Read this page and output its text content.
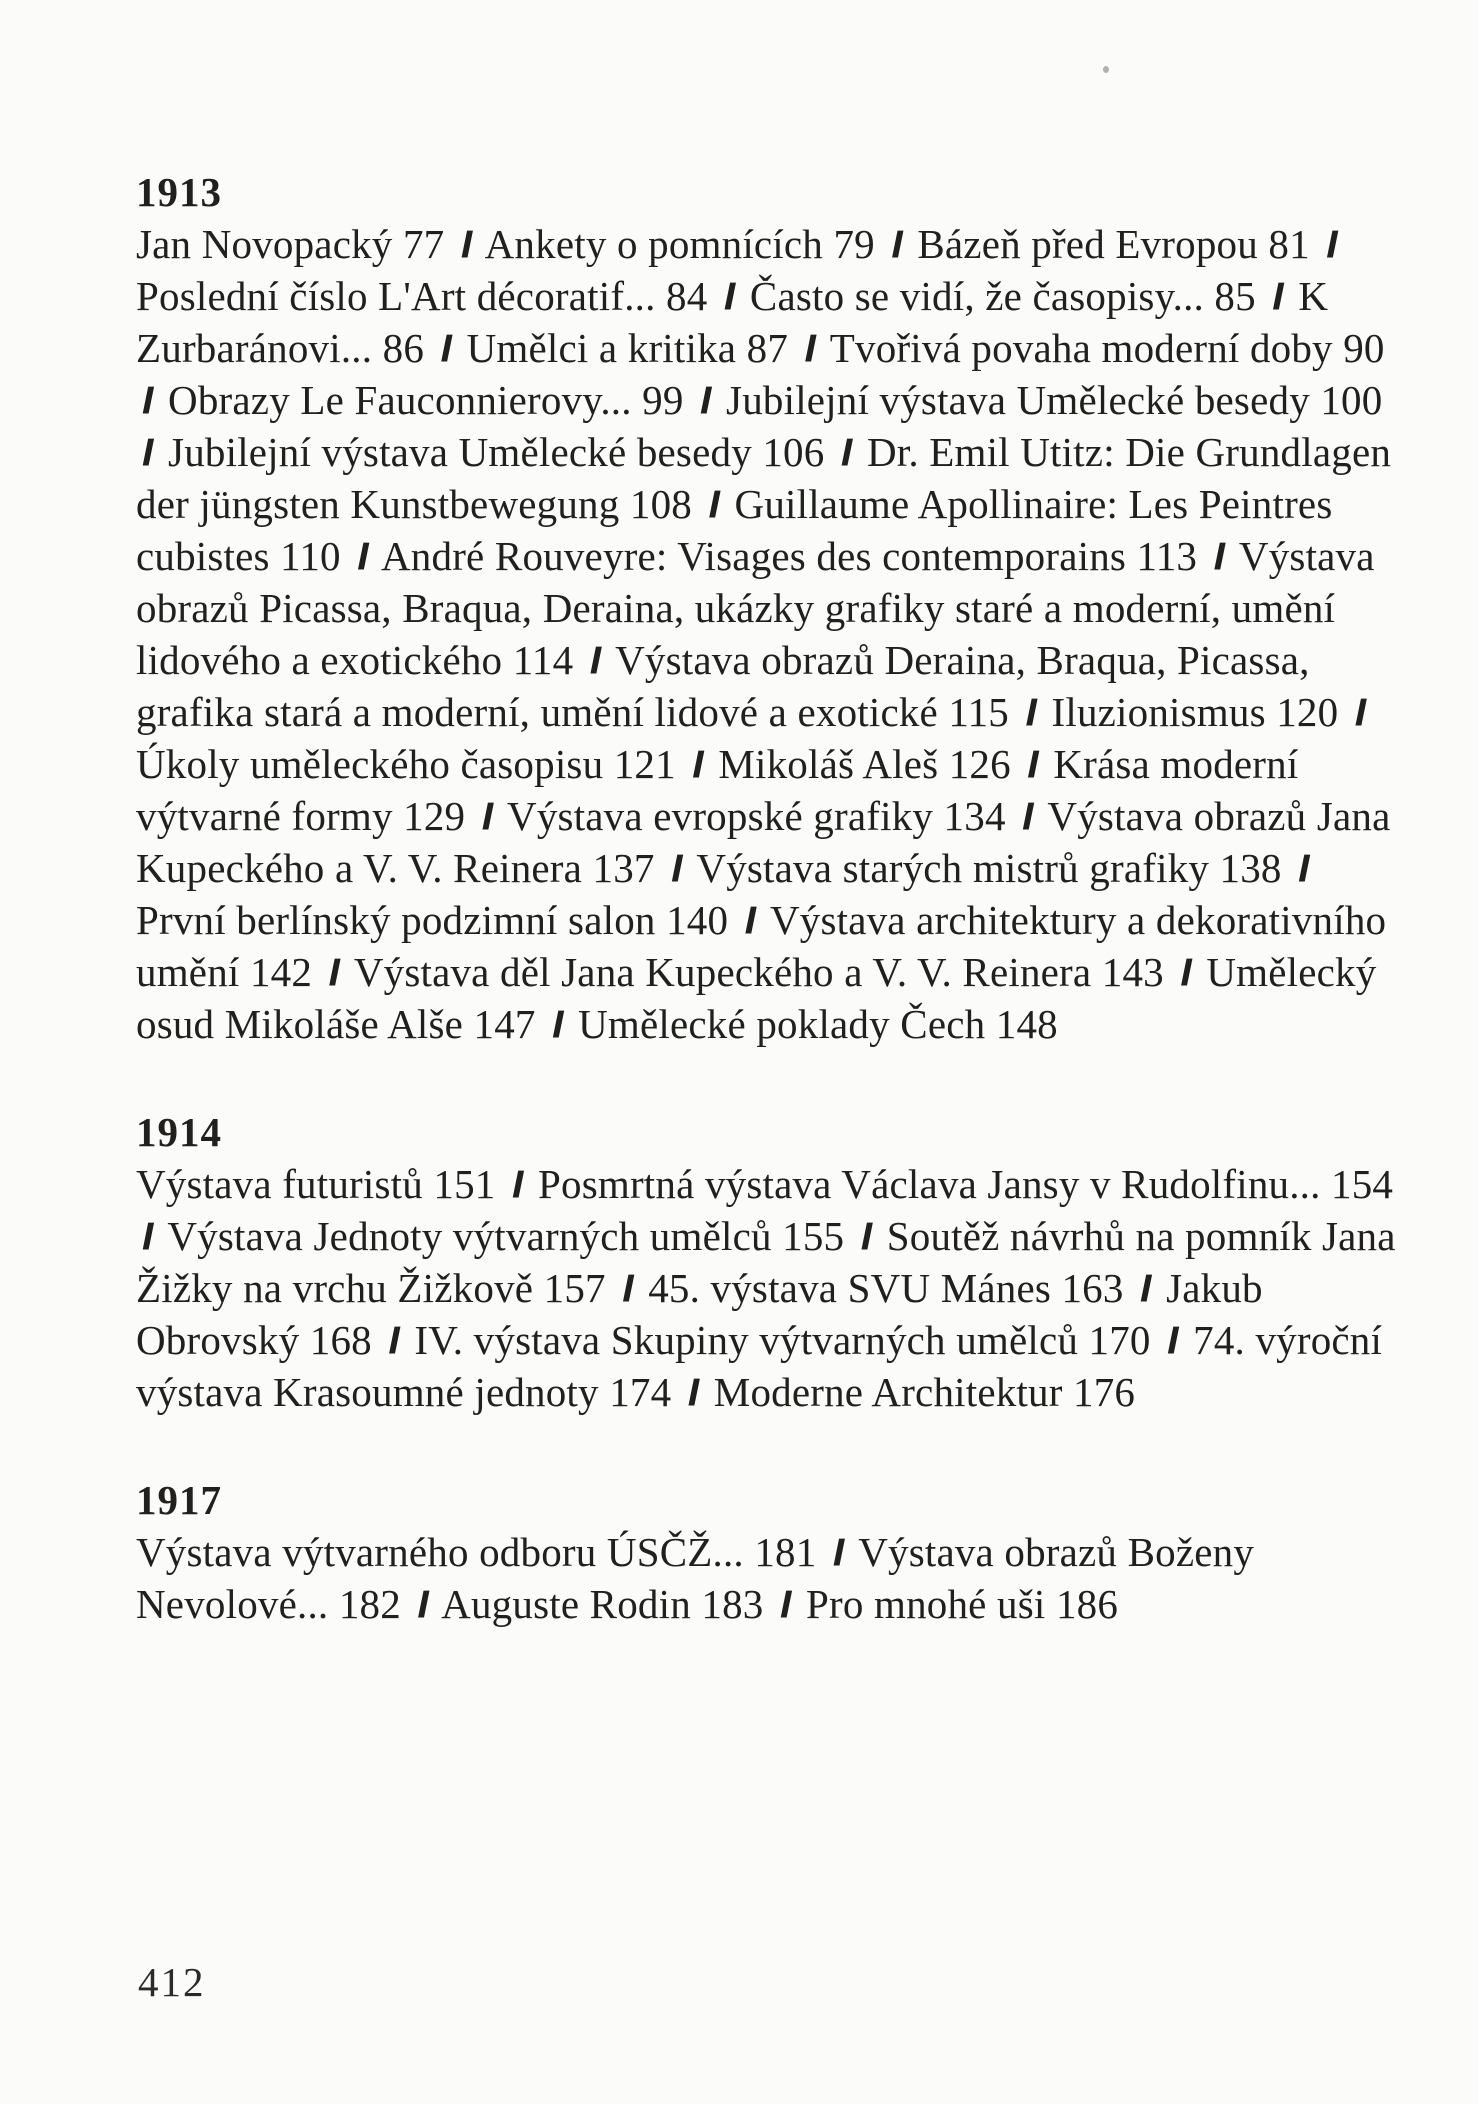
1913

Jan Novopacký 77 I Ankety o pomnících 79 I Bázeň před Evropou 81 I Poslední číslo L'Art décoratif... 84 I Často se vidí, že časopisy... 85 I K Zurbaránovi... 86 I Umělci a kritika 87 I Tvořivá povaha moderní doby 90 I Obrazy Le Fauconnierovy... 99 I Jubilejní výstava Umělecké besedy 100 I Jubilejní výstava Umělecké besedy 106 I Dr. Emil Utitz: Die Grundlagen der jüngsten Kunstbewegung 108 I Guillaume Apollinaire: Les Peintres cubistes 110 I André Rouveyre: Visages des contemporains 113 I Výstava obrazů Picassa, Braqua, Deraina, ukázky grafiky staré a moderní, umění lidového a exotického 114 I Výstava obrazů Deraina, Braqua, Picassa, grafika stará a moderní, umění lidové a exotické 115 I Iluzionismus 120 I Úkoly uměleckého časopisu 121 I Mikoláš Aleš 126 I Krása moderní výtvarné formy 129 I Výstava evropské grafiky 134 I Výstava obrazů Jana Kupeckého a V. V. Reinera 137 I Výstava starých mistrů grafiky 138 I První berlínský podzimní salon 140 I Výstava architektury a dekorativního umění 142 I Výstava děl Jana Kupeckého a V. V. Reinera 143 I Umělecký osud Mikoláše Alše 147 I Umělecké poklady Čech 148

1914

Výstava futuristů 151 I Posmrtná výstava Václava Jansy v Rudolfinu... 154 I Výstava Jednoty výtvarných umělců 155 I Soutěž návrhů na pomník Jana Žižky na vrchu Žižkově 157 I 45. výstava SVU Mánes 163 I Jakub Obrovský 168 I IV. výstava Skupiny výtvarných umělců 170 I 74. výroční výstava Krasoumné jednoty 174 I Moderne Architektur 176

1917

Výstava výtvarného odboru ÚSČŽ... 181 I Výstava obrazů Boženy Nevolové... 182 I Auguste Rodin 183 I Pro mnohé uši 186

412
